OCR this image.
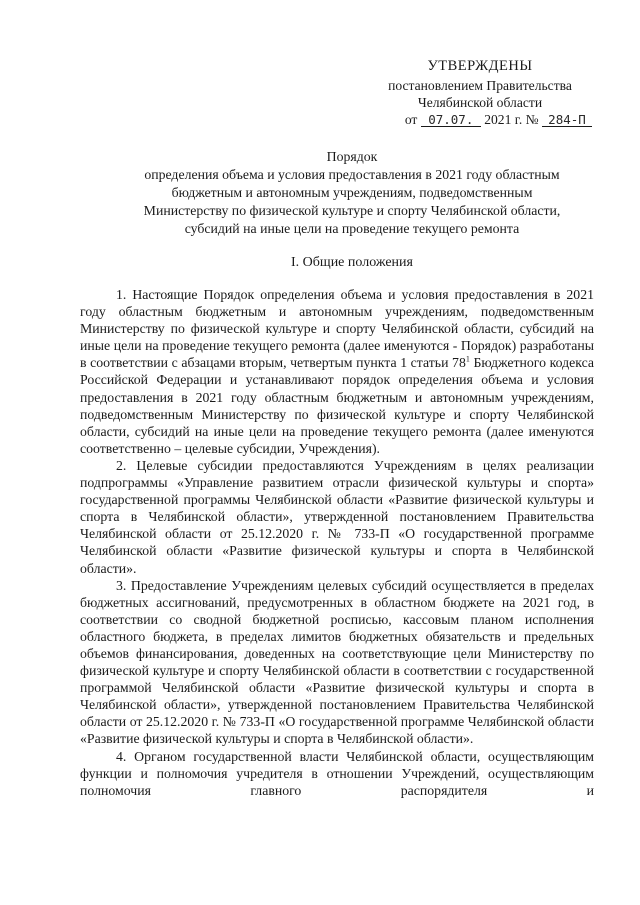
УТВЕРЖДЕНЫ
постановлением Правительства
Челябинской области
от 07.07. 2021 г. № 284-П
Порядок
определения объема и условия предоставления в 2021 году областным
бюджетным и автономным учреждениям, подведомственным
Министерству по физической культуре и спорту Челябинской области,
субсидий на иные цели на проведение текущего ремонта
I. Общие положения

1. Настоящие Порядок определения объема и условия предоставления в 2021 году областным бюджетным и автономным учреждениям, подведомственным Министерству по физической культуре и спорту Челябинской области, субсидий на иные цели на проведение текущего ремонта (далее именуются - Порядок) разработаны в соответствии с абзацами вторым, четвертым пункта 1 статьи $78^1$ Бюджетного кодекса Российской Федерации и устанавливают порядок определения объема и условия предоставления в 2021 году областным бюджетным и автономным учреждениям, подведомственным Министерству по физической культуре и спорту Челябинской области, субсидий на иные цели на проведение текущего ремонта (далее именуются соответственно – целевые субсидии, Учреждения).

2. Целевые субсидии предоставляются Учреждениям в целях реализации подпрограммы «Управление развитием отрасли физической культуры и спорта» государственной программы Челябинской области «Развитие физической культуры и спорта в Челябинской области», утвержденной постановлением Правительства Челябинской области от 25.12.2020 г. № 733-П «О государственной программе Челябинской области «Развитие физической культуры и спорта в Челябинской области».

3. Предоставление Учреждениям целевых субсидий осуществляется в пределах бюджетных ассигнований, предусмотренных в областном бюджете на 2021 год, в соответствии со сводной бюджетной росписью, кассовым планом исполнения областного бюджета, в пределах лимитов бюджетных обязательств и предельных объемов финансирования, доведенных на соответствующие цели Министерству по физической культуре и спорту Челябинской области в соответствии с государственной программой Челябинской области «Развитие физической культуры и спорта в Челябинской области», утвержденной постановлением Правительства Челябинской области от 25.12.2020 г. № 733-П «О государственной программе Челябинской области «Развитие физической культуры и спорта в Челябинской области».

4. Органом государственной власти Челябинской области, осуществляющим функции и полномочия учредителя в отношении Учреждений, осуществляющим полномочия главного распорядителя и
